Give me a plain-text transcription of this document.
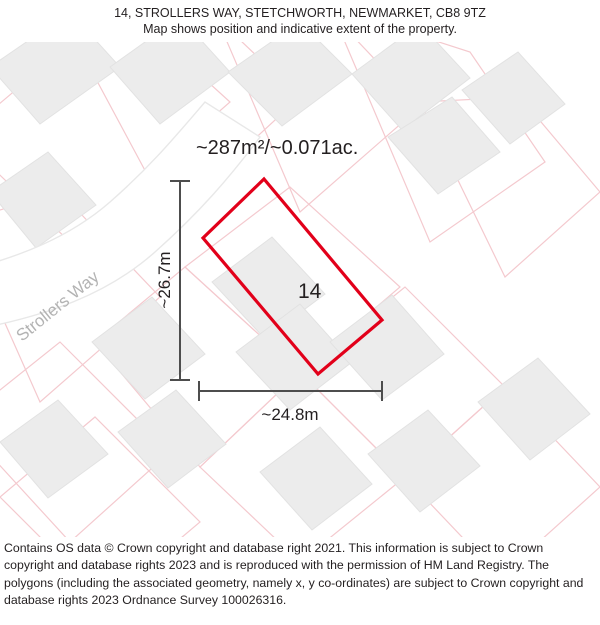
14, STROLLERS WAY, STETCHWORTH, NEWMARKET, CB8 9TZ
Map shows position and indicative extent of the property.
Strollers Way
~287m²/~0.071ac.
14
~26.7m
~24.8m

Contains OS data © Crown copyright and database right 2021. This information is subject to Crown copyright and database rights 2023 and is reproduced with the permission of HM Land Registry. The polygons (including the associated geometry, namely x, y co-ordinates) are subject to Crown copyright and database rights 2023 Ordnance Survey 100026316.
